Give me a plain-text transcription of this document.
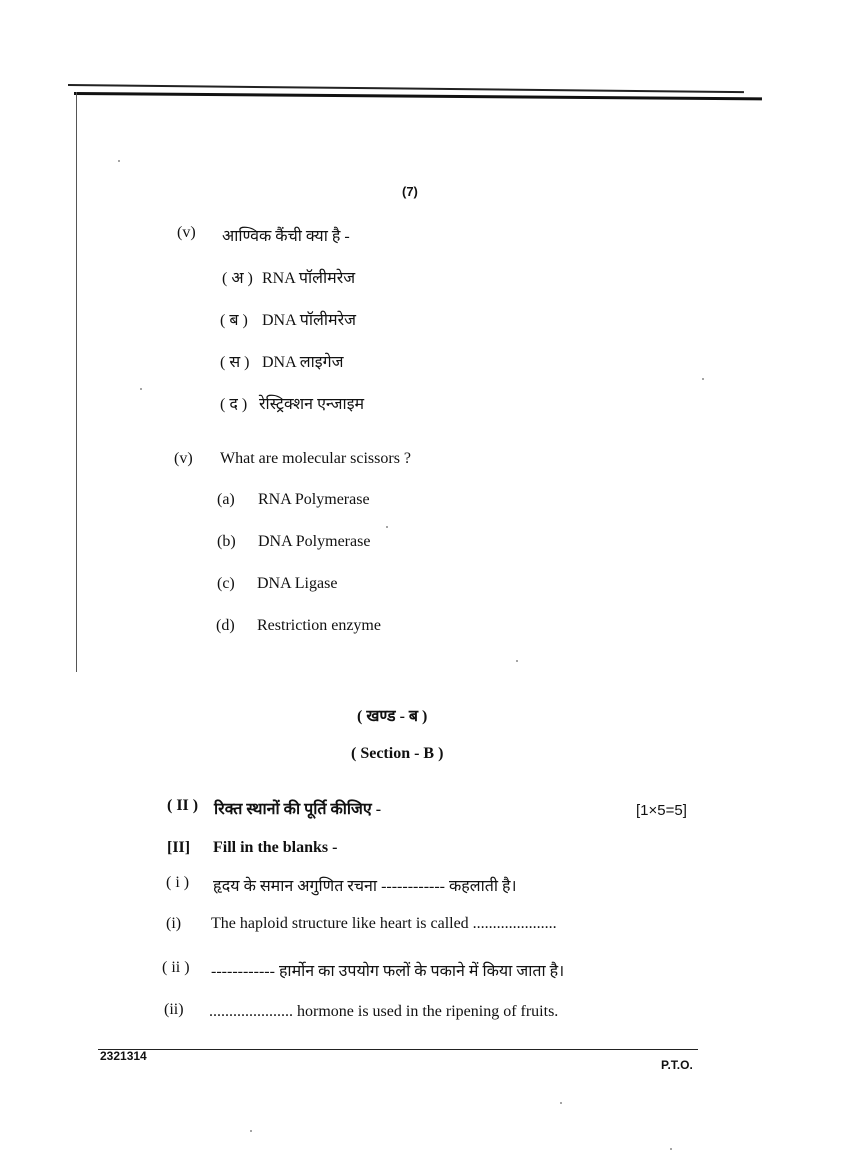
(7)
(v) आण्विक कैंची क्या है -
( अ ) RNA पॉलीमरेज
( ब ) DNA पॉलीमरेज
( स ) DNA लाइगेज
( द ) रेस्ट्रिक्शन एन्जाइम
(v) What are molecular scissors ?
(a) RNA Polymerase
(b) DNA Polymerase
(c) DNA Ligase
(d) Restriction enzyme
( खण्ड - ब )
( Section - B )
( II ) रिक्त स्थानों की पूर्ति कीजिए -	[1×5=5]
[II] Fill in the blanks -
( i ) हृदय के समान अगुणित रचना ------------ कहलाती है।
(i) The haploid structure like heart is called .....................
( ii ) ------------ हार्मोन का उपयोग फलों के पकाने में किया जाता है।
(ii) ..................... hormone is used in the ripening of fruits.
2321314
P.T.O.
